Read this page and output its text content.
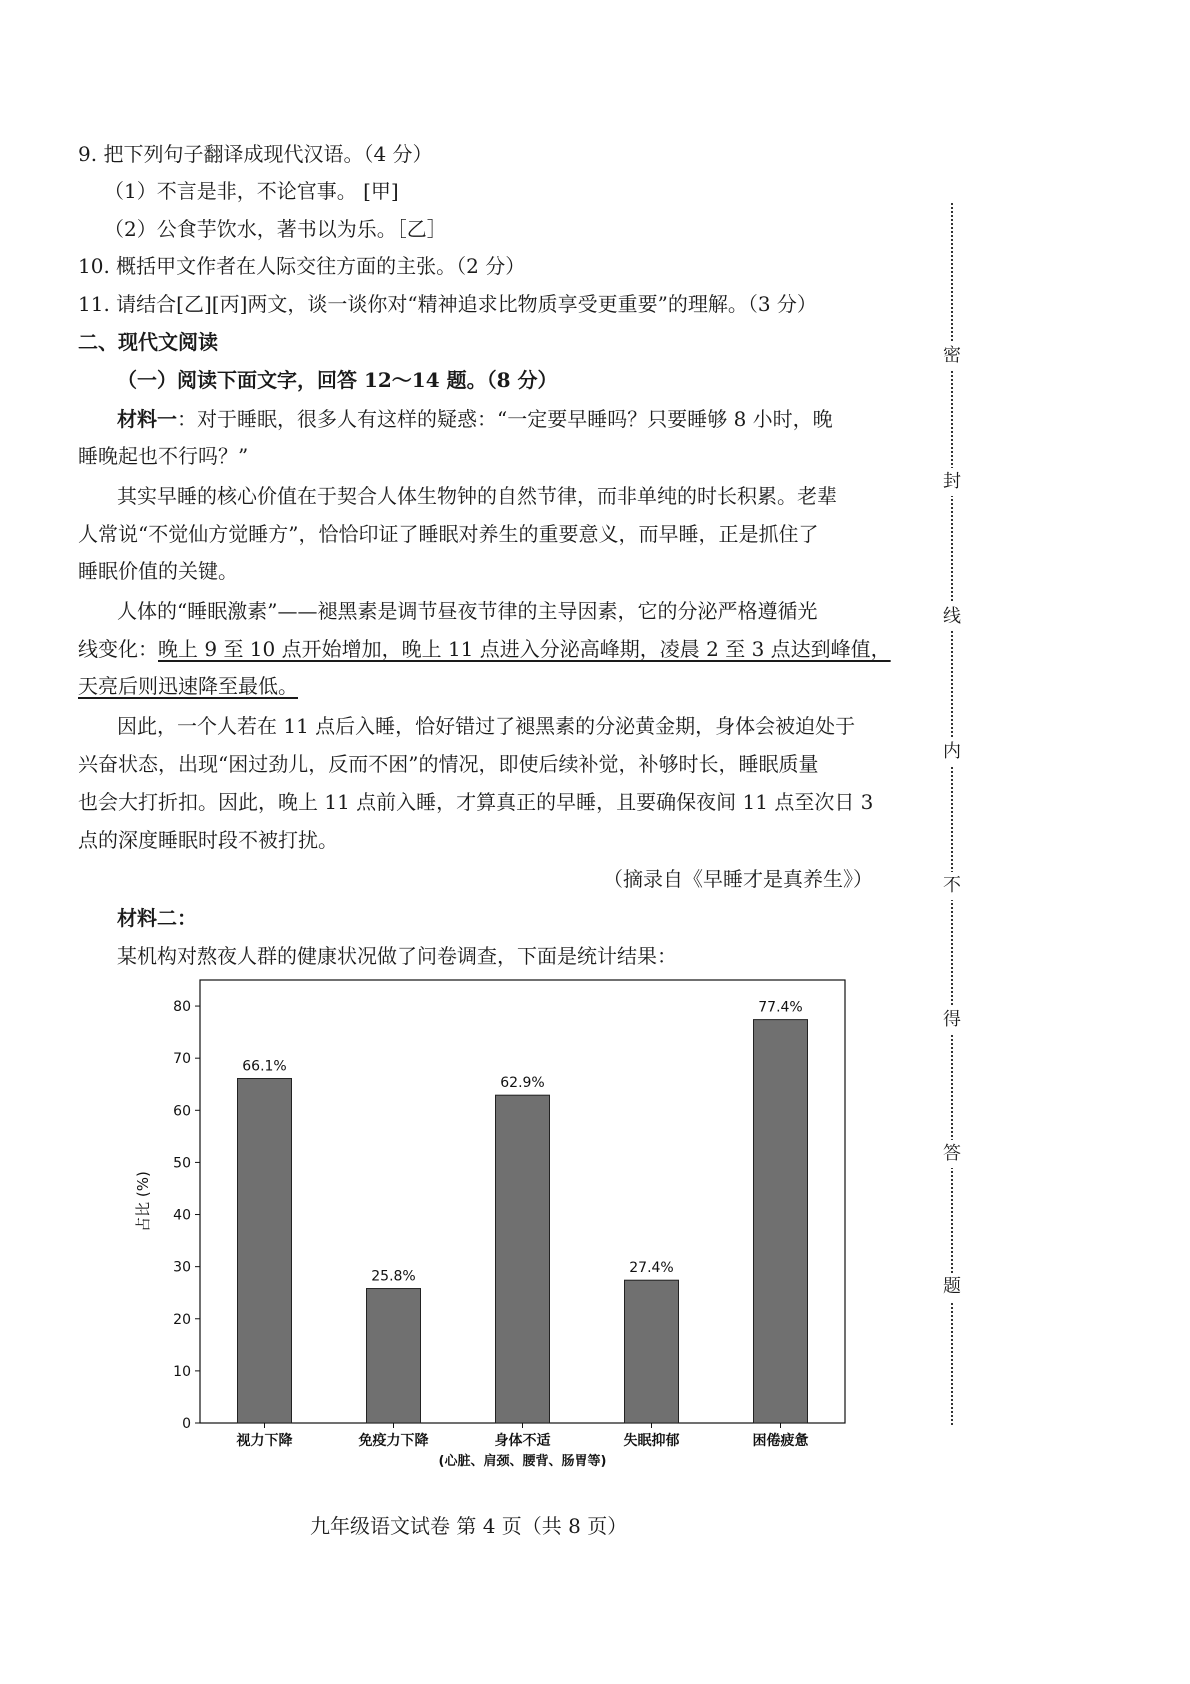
9. 把下列句子翻译成现代汉语。（4 分）
（1）不言是非，不论官事。 [甲]
（2）公食芋饮水，著书以为乐。［乙］
10. 概括甲文作者在人际交往方面的主张。（2 分）
11. 请结合[乙][丙]两文，谈一谈你对“精神追求比物质享受更重要”的理解。（3 分）
二、现代文阅读
（一）阅读下面文字，回答 12～14 题。（8 分）
材料一：对于睡眠，很多人有这样的疑惑：“一定要早睡吗？只要睡够 8 小时，晚
睡晚起也不行吗？”
其实早睡的核心价值在于契合人体生物钟的自然节律，而非单纯的时长积累。老辈
人常说“不觉仙方觉睡方”，恰恰印证了睡眠对养生的重要意义，而早睡，正是抓住了
睡眠价值的关键。
人体的“睡眠激素”——褪黑素是调节昼夜节律的主导因素，它的分泌严格遵循光
线变化：晚上 9 至 10 点开始增加，晚上 11 点进入分泌高峰期，凌晨 2 至 3 点达到峰值，
天亮后则迅速降至最低。
因此，一个人若在 11 点后入睡，恰好错过了褪黑素的分泌黄金期，身体会被迫处于
兴奋状态，出现“困过劲儿，反而不困”的情况，即使后续补觉，补够时长，睡眠质量
也会大打折扣。因此，晚上 11 点前入睡，才算真正的早睡，且要确保夜间 11 点至次日 3
点的深度睡眠时段不被打扰。
（摘录自《早睡才是真养生》）
材料二：
某机构对熬夜人群的健康状况做了问卷调查，下面是统计结果：
0
10
20
30
40
50
60
70
80
占比 (%)
66.1%
视力下降
25.8%
免疫力下降
62.9%
身体不适
(心脏、肩颈、腰背、肠胃等)
27.4%
失眠抑郁
77.4%
困倦疲惫
九年级语文试卷 第 4 页（共 8 页）
密
封
线
内
不
得
答
题
